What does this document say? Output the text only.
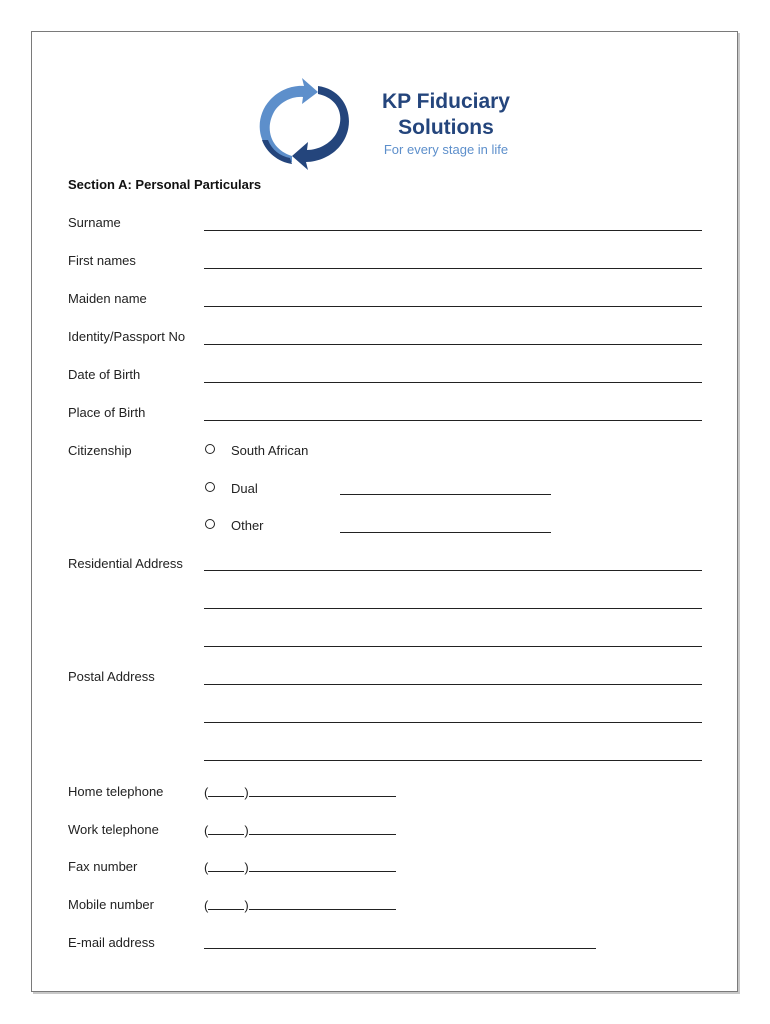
KP Fiduciary
Solutions
For every stage in life
Section A: Personal Particulars
Surname
First names
Maiden name
Identity/Passport No
Date of Birth
Place of Birth
Citizenship	South African
Dual
Other
Residential Address
Postal Address
Home telephone	(	)
Work telephone	(	)
Fax number	(	)
Mobile number	(	)
E-mail address
